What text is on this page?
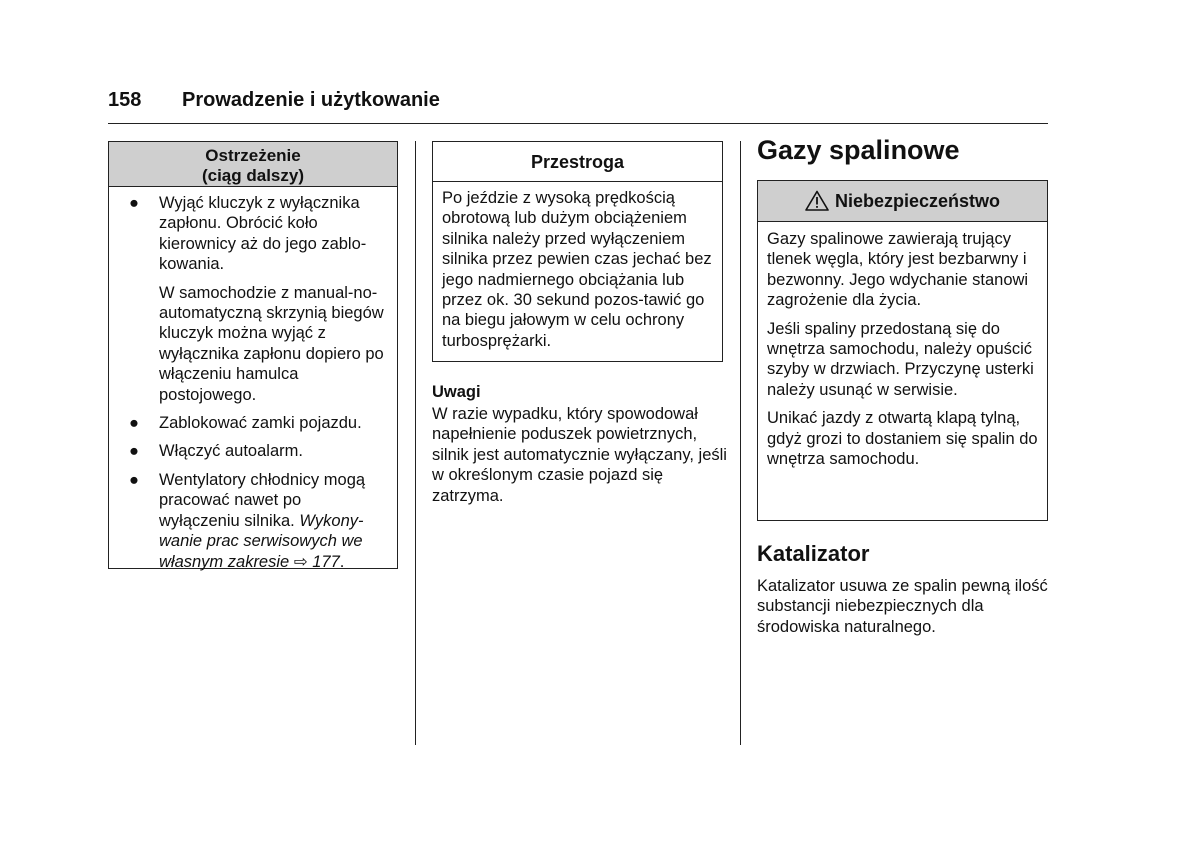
158 Prowadzenie i użytkowanie
Ostrzeżenie
(ciąg dalszy)
● Wyjąć kluczyk z wyłącznika zapłonu. Obrócić koło kierownicy aż do jego zablo-kowania.

W samochodzie z manual-no-automatyczną skrzynią biegów kluczyk można wyjąć z wyłącznika zapłonu dopiero po włączeniu hamulca postojowego.

● Zablokować zamki pojazdu.

● Włączyć autoalarm.

● Wentylatory chłodnicy mogą pracować nawet po wyłączeniu silnika. Wykony-wanie prac serwisowych we własnym zakresie ⇨ 177.

Przestroga
Po jeździe z wysoką prędkością obrotową lub dużym obciążeniem silnika należy przed wyłączeniem silnika przez pewien czas jechać bez jego nadmiernego obciążania lub przez ok. 30 sekund pozos-tawić go na biegu jałowym w celu ochrony turbosprężarki.
Uwagi
W razie wypadku, który spowodował napełnienie poduszek powietrznych, silnik jest automatycznie wyłączany, jeśli w określonym czasie pojazd się zatrzyma.
Gazy spalinowe
Niebezpieczeństwo

Gazy spalinowe zawierają trujący tlenek węgla, który jest bezbarwny i bezwonny. Jego wdychanie stanowi zagrożenie dla życia.

Jeśli spaliny przedostaną się do wnętrza samochodu, należy opuścić szyby w drzwiach. Przyczynę usterki należy usunąć w serwisie.

Unikać jazdy z otwartą klapą tylną, gdyż grozi to dostaniem się spalin do wnętrza samochodu.

Katalizator
Katalizator usuwa ze spalin pewną ilość substancji niebezpiecznych dla środowiska naturalnego.
